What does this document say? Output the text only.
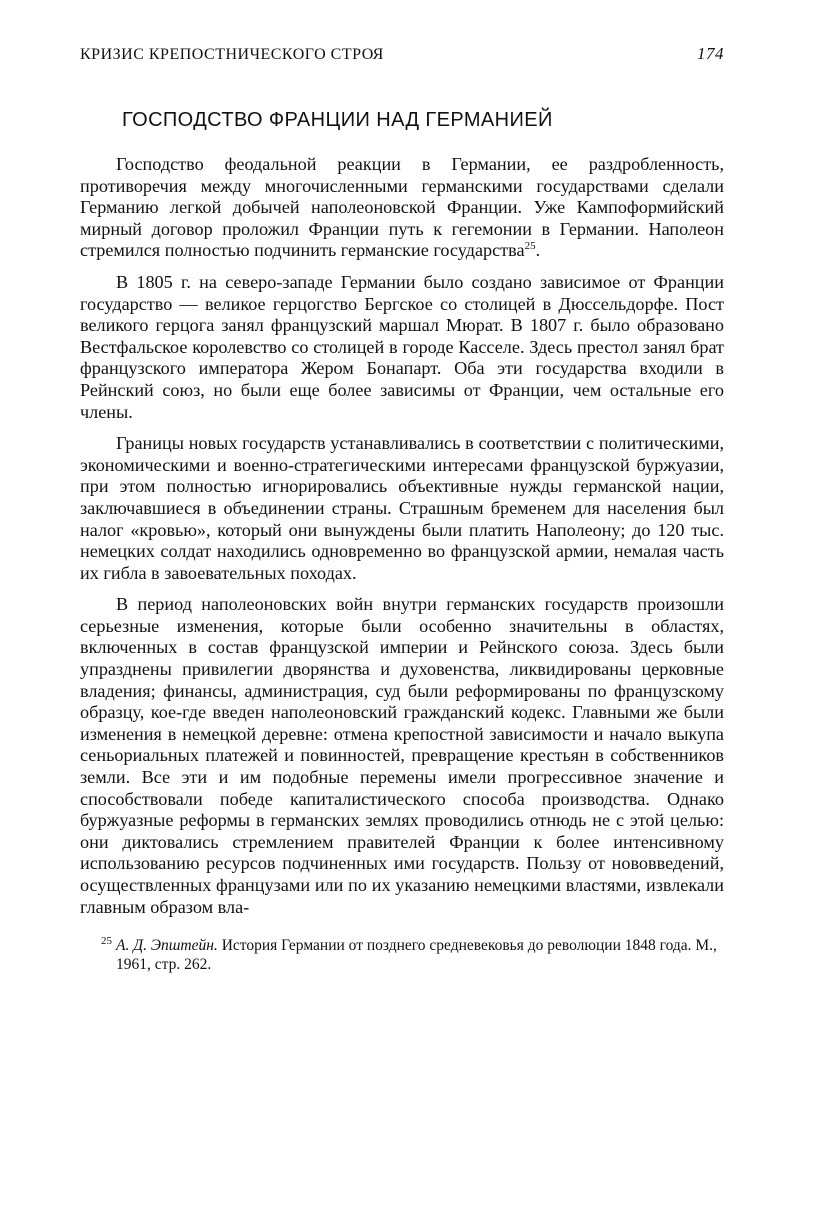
КРИЗИС КРЕПОСТНИЧЕСКОГО СТРОЯ	174
ГОСПОДСТВО ФРАНЦИИ НАД ГЕРМАНИЕЙ

Господство феодальной реакции в Германии, ее раздробленность, противоречия между многочисленными германскими государствами сделали Германию легкой добычей наполеоновской Франции. Уже Кампоформийский мирный договор проложил Франции путь к гегемонии в Германии. Наполеон стремился полностью подчинить германские государства$^{25}$.

В 1805 г. на северо-западе Германии было создано зависимое от Франции государство — великое герцогство Бергское со столицей в Дюссельдорфе. Пост великого герцога занял французский маршал Мюрат. В 1807 г. было образовано Вестфальское королевство со столицей в городе Касселе. Здесь престол занял брат французского императора Жером Бонапарт. Оба эти государства входили в Рейнский союз, но были еще более зависимы от Франции, чем остальные его члены.

Границы новых государств устанавливались в соответствии с политическими, экономическими и военно-стратегическими интересами французской буржуазии, при этом полностью игнорировались объективные нужды германской нации, заключавшиеся в объединении страны. Страшным бременем для населения был налог «кровью», который они вынуждены были платить Наполеону; до 120 тыс. немецких солдат находились одновременно во французской армии, немалая часть их гибла в завоевательных походах.

В период наполеоновских войн внутри германских государств произошли серьезные изменения, которые были особенно значительны в областях, включенных в состав французской империи и Рейнского союза. Здесь были упразднены привилегии дворянства и духовенства, ликвидированы церковные владения; финансы, администрация, суд были реформированы по французскому образцу, кое-где введен наполеоновский гражданский кодекс. Главными же были изменения в немецкой деревне: отмена крепостной зависимости и начало выкупа сеньориальных платежей и повинностей, превращение крестьян в собственников земли. Все эти и им подобные перемены имели прогрессивное значение и способствовали победе капиталистического способа производства. Однако буржуазные реформы в германских землях проводились отнюдь не с этой целью: они диктовались стремлением правителей Франции к более интенсивному использованию ресурсов подчиненных ими государств. Пользу от нововведений, осуществленных французами или по их указанию немецкими властями, извлекали главным образом вла-

25 А. Д. Эпштейн. История Германии от позднего средневековья до революции 1848 года. М., 1961, стр. 262.
